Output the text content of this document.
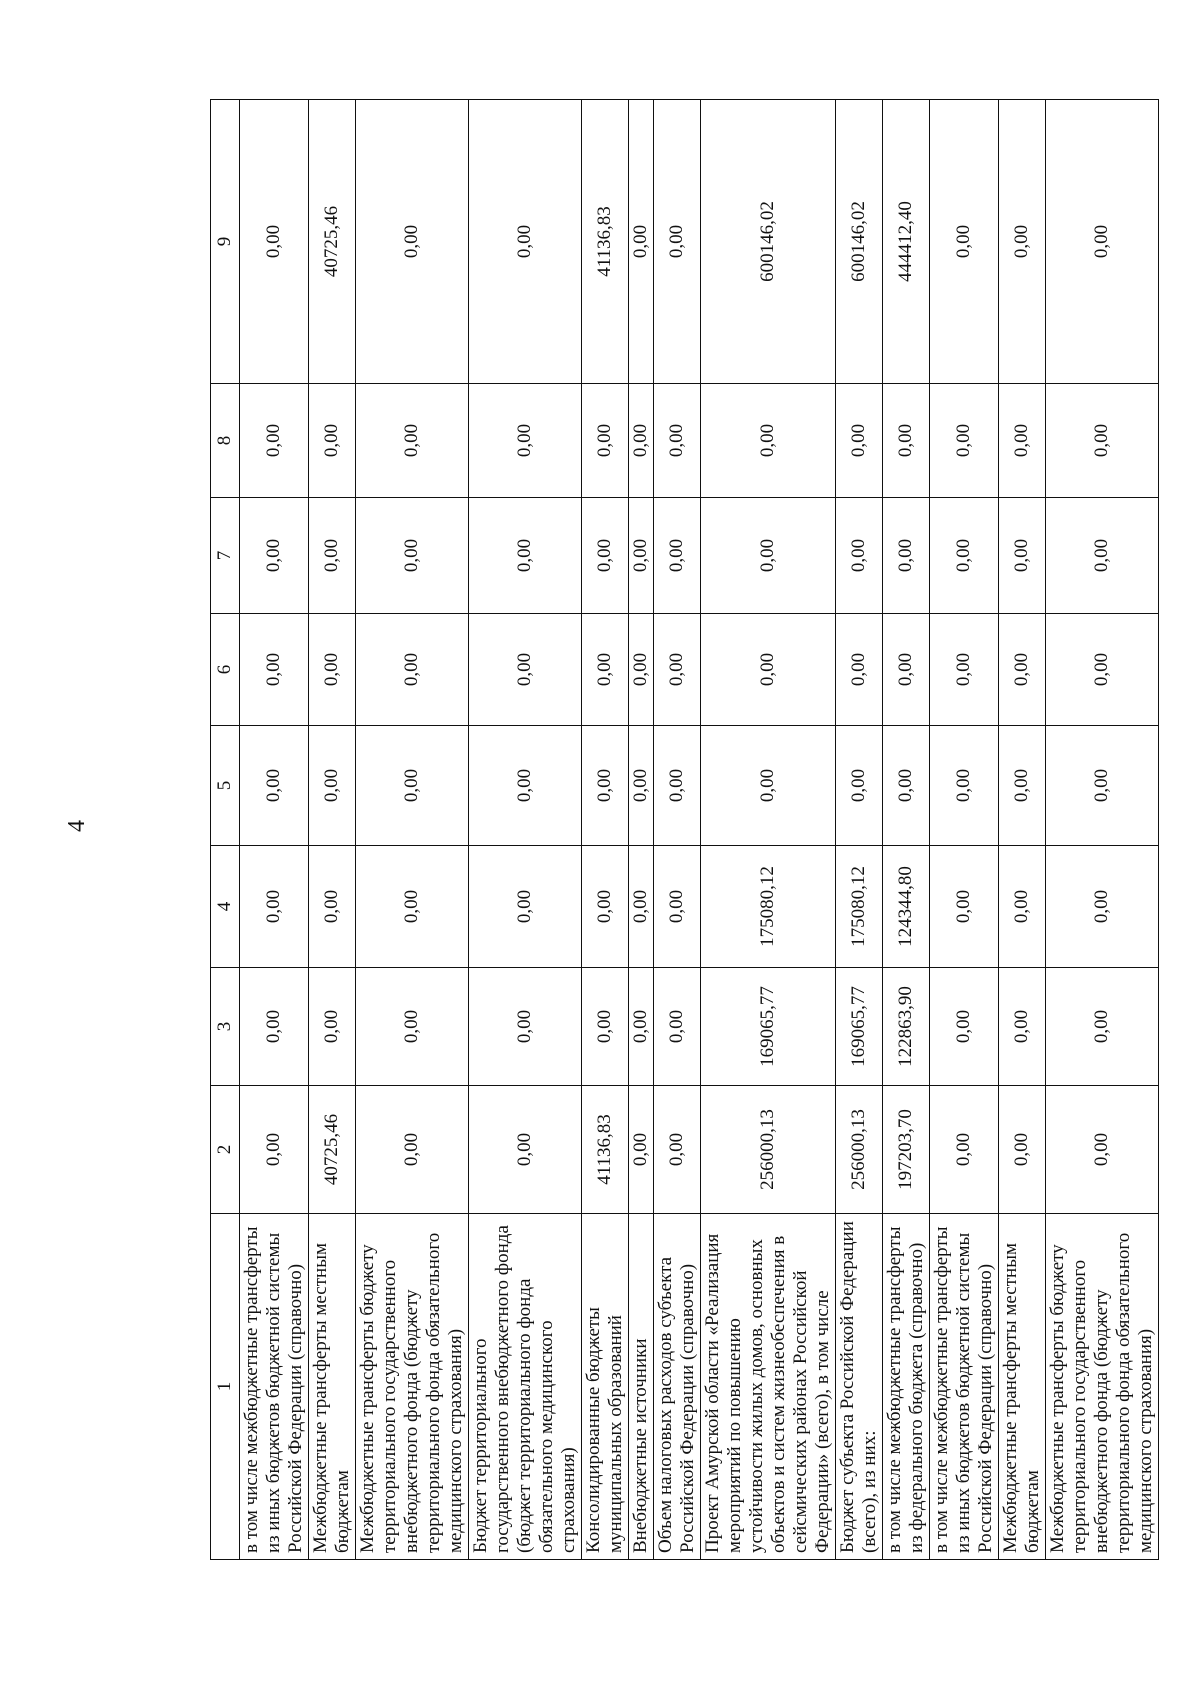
4
1	2	3	4	5	6	7	8	9
в том числе межбюджетные трансферты из иных бюджетов бюджетной системы Российской Федерации (справочно)	0,00	0,00	0,00	0,00	0,00	0,00	0,00	0,00
Межбюджетные трансферты местным бюджетам	40725,46	0,00	0,00	0,00	0,00	0,00	0,00	40725,46
Межбюджетные трансферты бюджету территориального государственного внебюджетного фонда (бюджету территориального фонда обязательного медицинского страхования)	0,00	0,00	0,00	0,00	0,00	0,00	0,00	0,00
Бюджет территориального государственного внебюджетного фонда (бюджет территориального фонда обязательного медицинского страхования)	0,00	0,00	0,00	0,00	0,00	0,00	0,00	0,00
Консолидированные бюджеты муниципальных образований	41136,83	0,00	0,00	0,00	0,00	0,00	0,00	41136,83
Внебюджетные источники	0,00	0,00	0,00	0,00	0,00	0,00	0,00	0,00
Объем налоговых расходов субъекта Российской Федерации (справочно)	0,00	0,00	0,00	0,00	0,00	0,00	0,00	0,00
Проект Амурской области «Реализация мероприятий по повышению устойчивости жилых домов, основных объектов и систем жизнеобеспечения в сейсмических районах Российской Федерации» (всего), в том числе	256000,13	169065,77	175080,12	0,00	0,00	0,00	0,00	600146,02
Бюджет субъекта Российской Федерации (всего), из них:	256000,13	169065,77	175080,12	0,00	0,00	0,00	0,00	600146,02
в том числе межбюджетные трансферты из федерального бюджета (справочно)	197203,70	122863,90	124344,80	0,00	0,00	0,00	0,00	444412,40
в том числе межбюджетные трансферты из иных бюджетов бюджетной системы Российской Федерации (справочно)	0,00	0,00	0,00	0,00	0,00	0,00	0,00	0,00
Межбюджетные трансферты местным бюджетам	0,00	0,00	0,00	0,00	0,00	0,00	0,00	0,00
Межбюджетные трансферты бюджету территориального государственного внебюджетного фонда (бюджету территориального фонда обязательного медицинского страхования)	0,00	0,00	0,00	0,00	0,00	0,00	0,00	0,00
